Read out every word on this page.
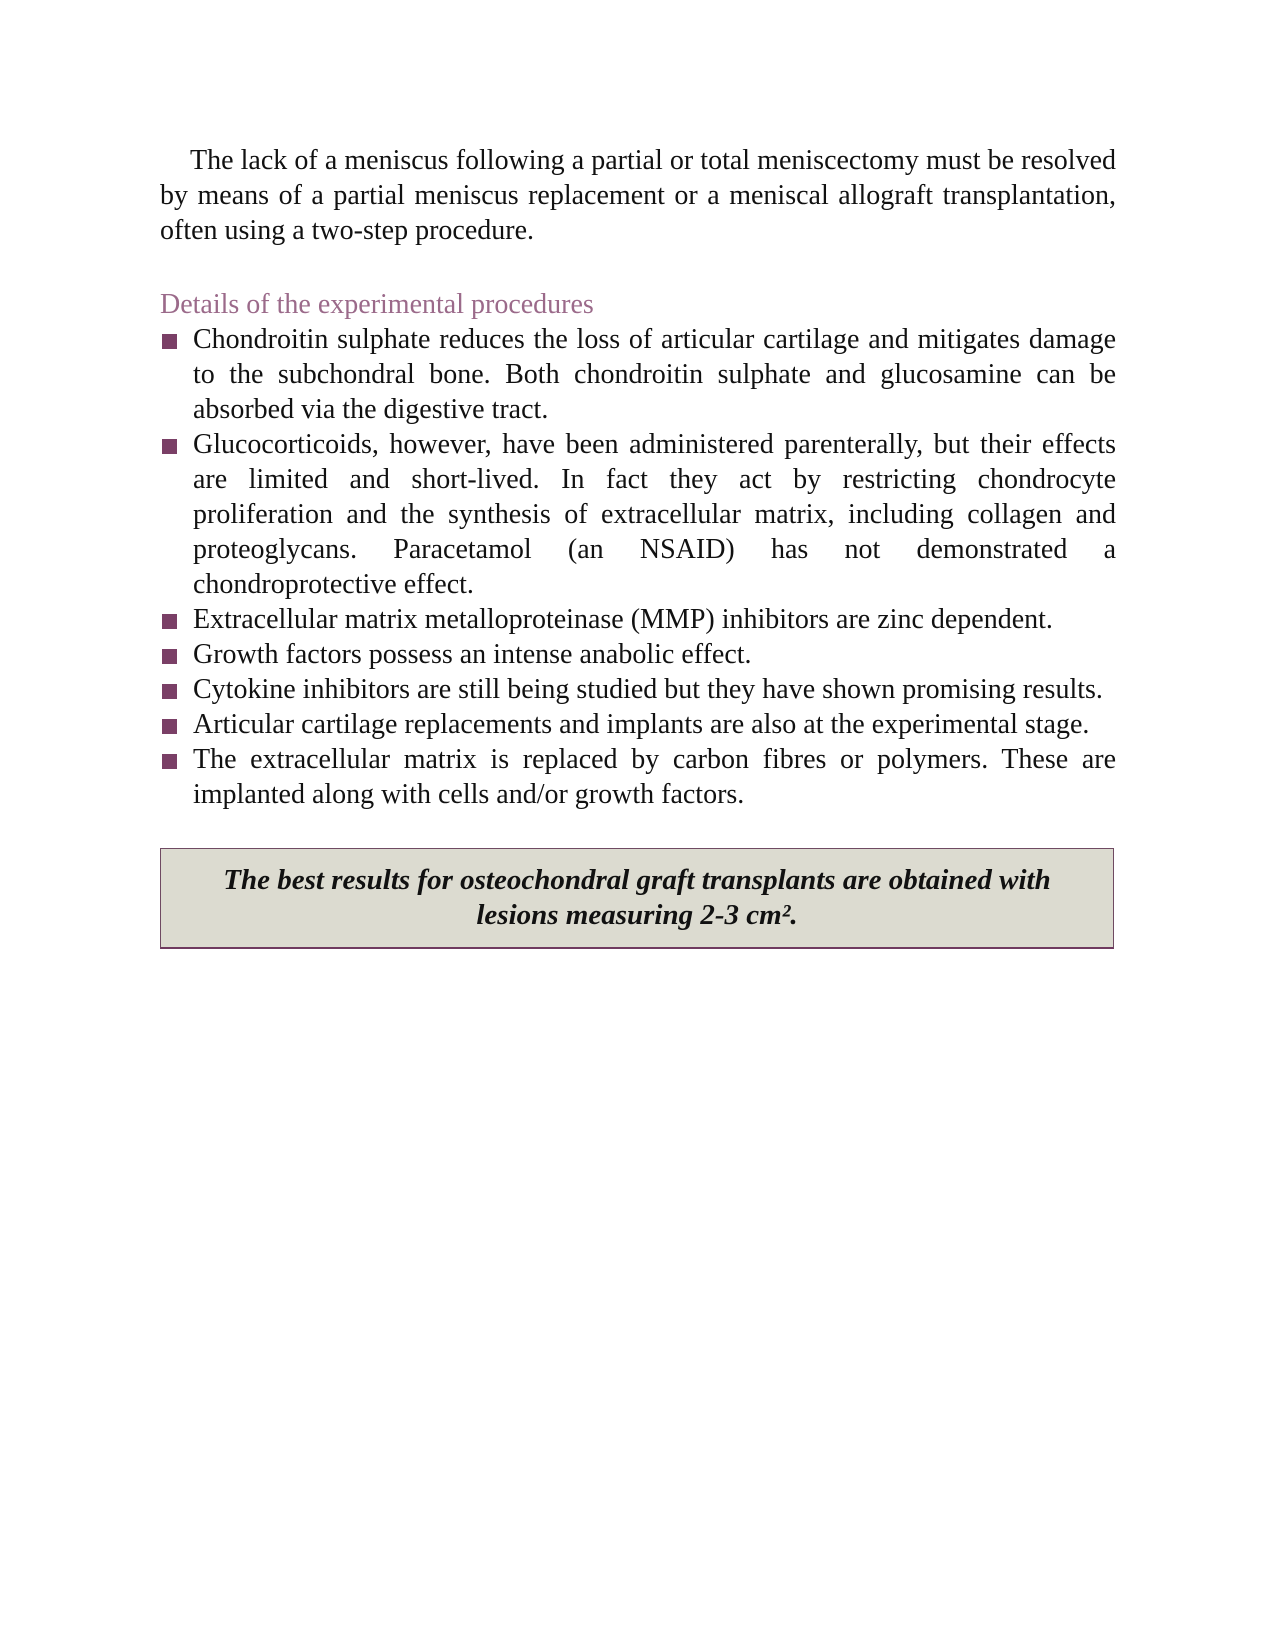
The lack of a meniscus following a partial or total meniscectomy must be resolved by means of a partial meniscus replacement or a meniscal allograft transplantation, often using a two-step procedure.

Details of the experimental procedures
Chondroitin sulphate reduces the loss of articular cartilage and mitigates damage to the subchondral bone. Both chondroitin sulphate and glucosamine can be absorbed via the digestive tract.
Glucocorticoids, however, have been administered parenterally, but their effects are limited and short-lived. In fact they act by restricting chondrocyte proliferation and the synthesis of extracellular matrix, including collagen and proteoglycans. Paracetamol (an NSAID) has not demonstrated a chondroprotective effect.
Extracellular matrix metalloproteinase (MMP) inhibitors are zinc dependent.
Growth factors possess an intense anabolic effect.
Cytokine inhibitors are still being studied but they have shown promising results.
Articular cartilage replacements and implants are also at the experimental stage.
The extracellular matrix is replaced by carbon fibres or polymers. These are implanted along with cells and/or growth factors.
The best results for osteochondral graft transplants are obtained with lesions measuring 2-3 cm².
